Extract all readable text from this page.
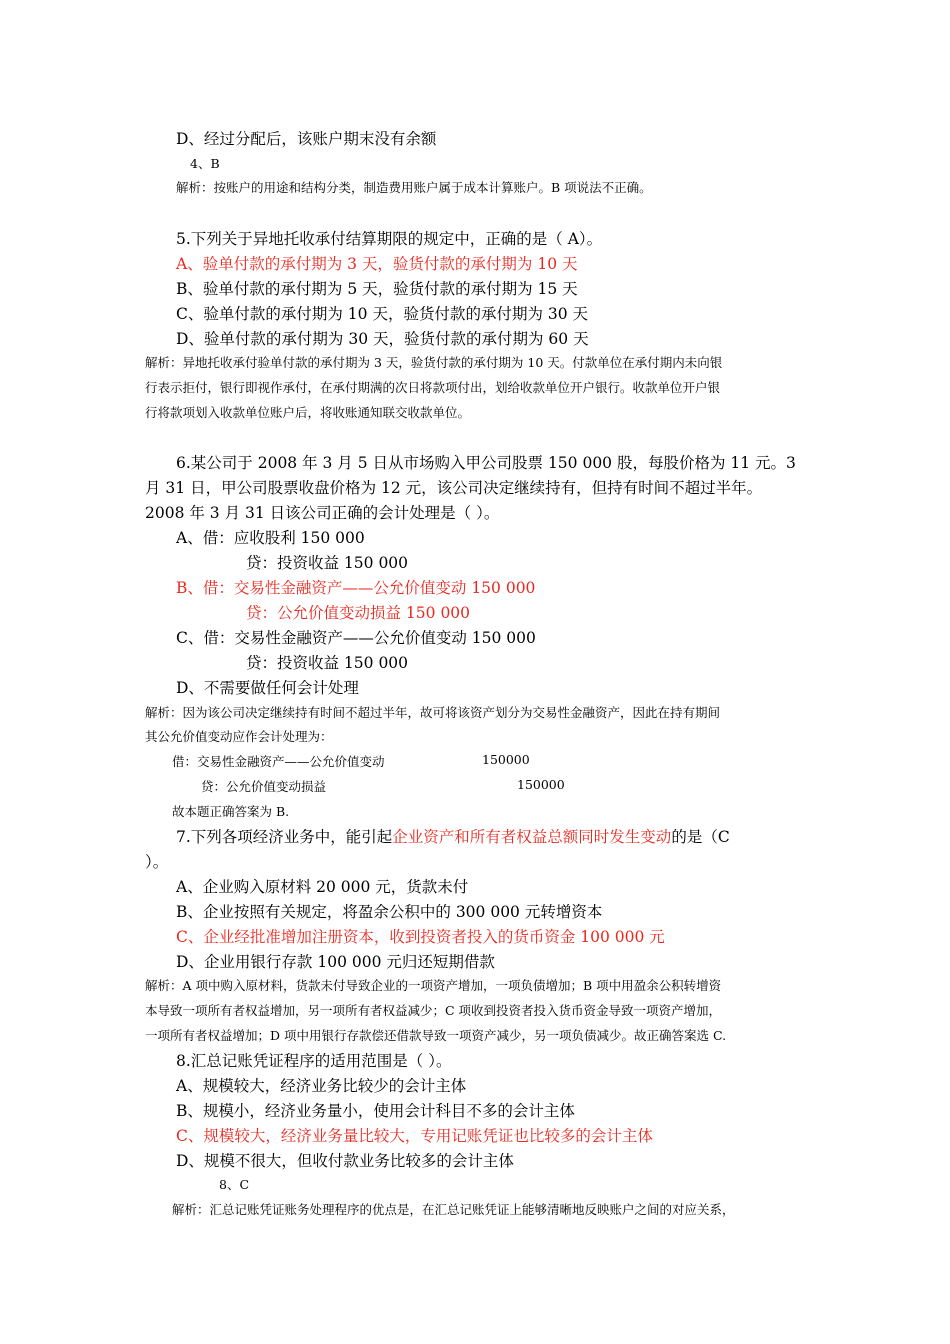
D、经过分配后，该账户期末没有余额
4、B
解析：按账户的用途和结构分类，制造费用账户属于成本计算账户。B 项说法不正确。
5.下列关于异地托收承付结算期限的规定中，正确的是（ A）。
A、验单付款的承付期为 3 天，验货付款的承付期为 10 天
B、验单付款的承付期为 5 天，验货付款的承付期为 15 天
C、验单付款的承付期为 10 天，验货付款的承付期为 30 天
D、验单付款的承付期为 30 天，验货付款的承付期为 60 天
解析：异地托收承付验单付款的承付期为 3 天，验货付款的承付期为 10 天。付款单位在承付期内未向银
行表示拒付，银行即视作承付，在承付期满的次日将款项付出，划给收款单位开户银行。收款单位开户银
行将款项划入收款单位账户后，将收账通知联交收款单位。
6.某公司于 2008 年 3 月 5 日从市场购入甲公司股票 150 000 股，每股价格为 11 元。3
月 31 日，甲公司股票收盘价格为 12 元，该公司决定继续持有，但持有时间不超过半年。
2008 年 3 月 31 日该公司正确的会计处理是（ ）。
A、借：应收股利 150 000
贷：投资收益 150 000
B、借：交易性金融资产——公允价值变动 150 000
贷：公允价值变动损益 150 000
C、借：交易性金融资产——公允价值变动 150 000
贷：投资收益 150 000
D、不需要做任何会计处理
解析：因为该公司决定继续持有时间不超过半年，故可将该资产划分为交易性金融资产，因此在持有期间
其公允价值变动应作会计处理为：
借：交易性金融资产——公允价值变动	150000
贷：公允价值变动损益	150000
故本题正确答案为 B.
7.下列各项经济业务中，能引起企业资产和所有者权益总额同时发生变动的是（C
）。
A、企业购入原材料 20 000 元，货款未付
B、企业按照有关规定，将盈余公积中的 300 000 元转增资本
C、企业经批准增加注册资本，收到投资者投入的货币资金 100 000 元
D、企业用银行存款 100 000 元归还短期借款
解析：A 项中购入原材料，货款未付导致企业的一项资产增加，一项负债增加；B 项中用盈余公积转增资
本导致一项所有者权益增加，另一项所有者权益减少；C 项收到投资者投入货币资金导致一项资产增加，
一项所有者权益增加；D 项中用银行存款偿还借款导致一项资产减少，另一项负债减少。故正确答案选 C.
8.汇总记账凭证程序的适用范围是（ ）。
A、规模较大，经济业务比较少的会计主体
B、规模小，经济业务量小，使用会计科目不多的会计主体
C、规模较大，经济业务量比较大，专用记账凭证也比较多的会计主体
D、规模不很大，但收付款业务比较多的会计主体
8、C
解析：汇总记账凭证账务处理程序的优点是，在汇总记账凭证上能够清晰地反映账户之间的对应关系，
